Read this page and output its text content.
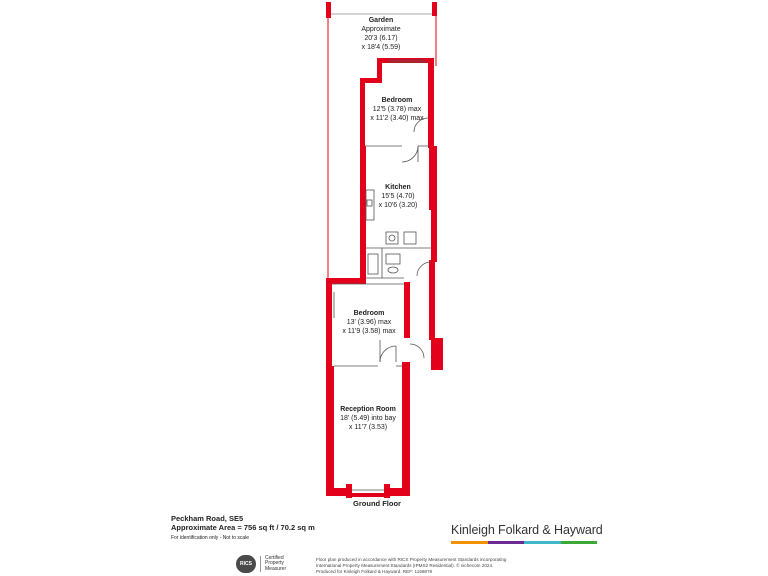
Garden
Approximate
20'3 (6.17)
x 18'4 (5.59)
Bedroom
12'5 (3.78) max
x 11'2 (3.40) max
Kitchen
15'5 (4.70)
x 10'6 (3.20)
Bedroom
13' (3.96) max
x 11'9 (3.58) max
Reception Room
18' (5.49) into bay
x 11'7 (3.53)
Ground Floor
Peckham Road, SE5
Approximate Area = 756 sq ft / 70.2 sq m
For identification only - Not to scale
Kinleigh Folkard & Hayward
RICS
Certified
Property
Measurer
Floor plan produced in accordance with RICS Property Measurement Standards incorporating
International Property Measurement Standards (IPMS2 Residential). © nichecom 2024.
Produced for Kinleigh Folkard & Hayward. REF: 1169878
